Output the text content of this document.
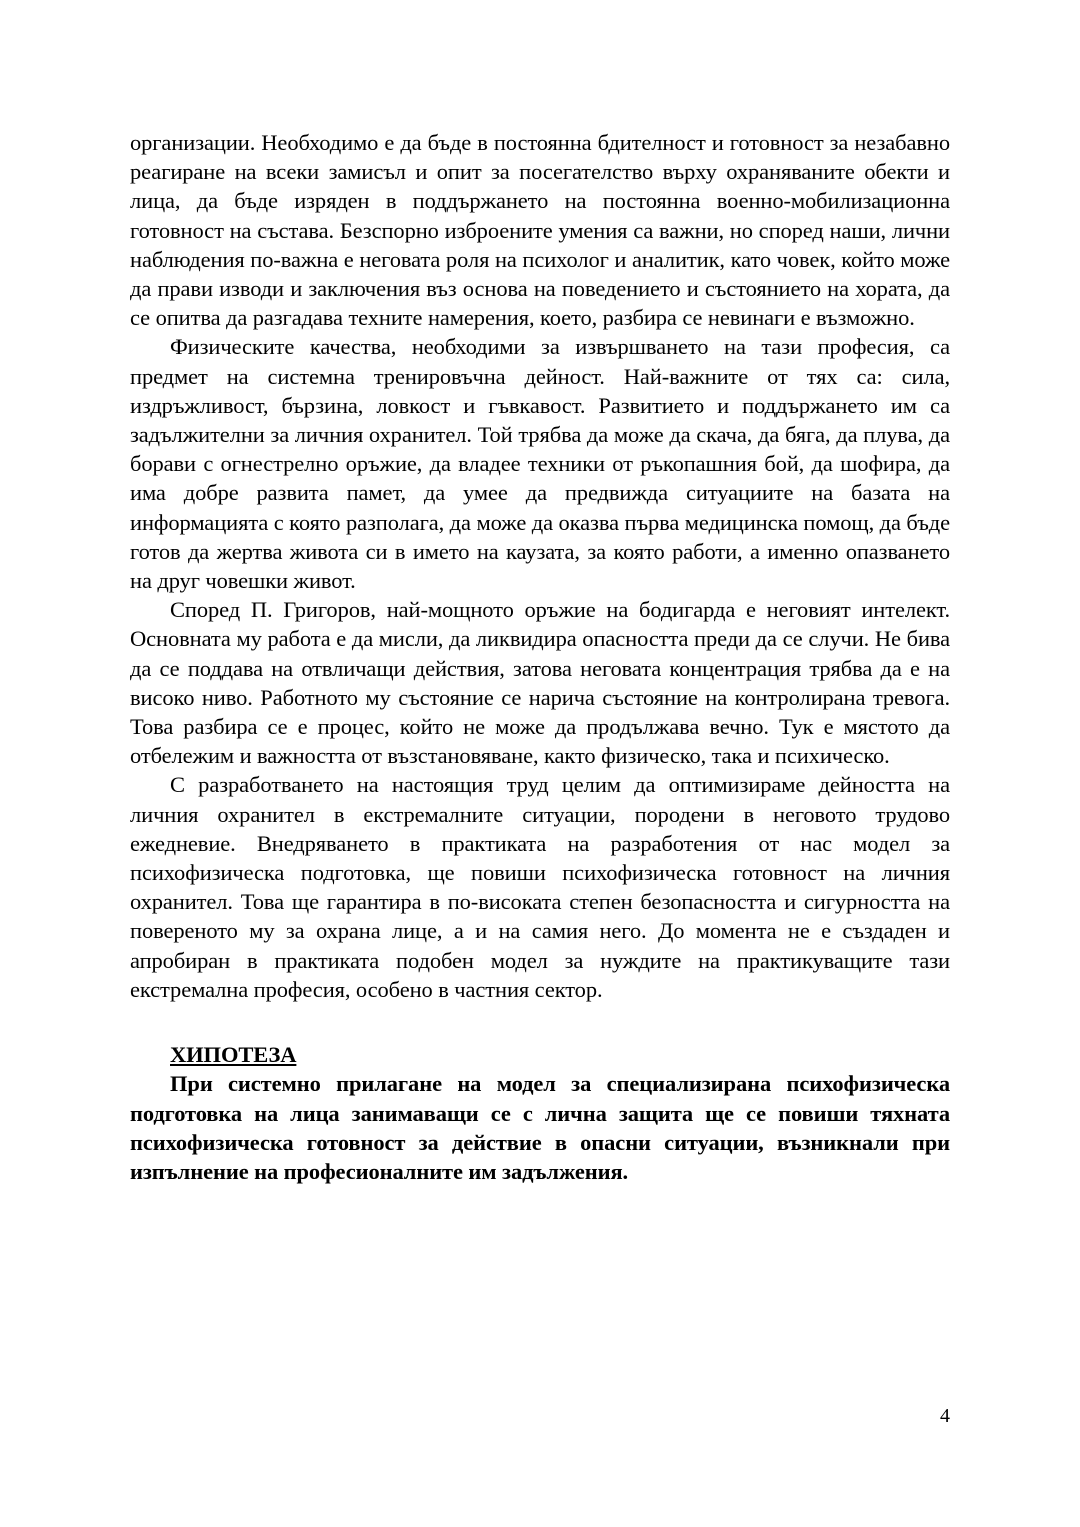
организации. Необходимо е да бъде в постоянна бдителност и готовност за незабавно реагиране на всеки замисъл и опит за посегателство върху охраняваните обекти и лица, да бъде изряден в поддържането на постоянна военно-мобилизационна готовност на състава. Безспорно изброените умения са важни, но според наши, лични наблюдения по-важна е неговата роля на психолог и аналитик, като човек, който може да прави изводи и заключения въз основа на поведението и състоянието на хората, да се опитва да разгадава техните намерения, което, разбира се невинаги е възможно.

Физическите качества, необходими за извършването на тази професия, са предмет на системна тренировъчна дейност. Най-важните от тях са: сила, издръжливост, бързина, ловкост и гъвкавост. Развитието и поддържането им са задължителни за личния охранител. Той трябва да може да скача, да бяга, да плува, да борави с огнестрелно оръжие, да владее техники от ръкопашния бой, да шофира, да има добре развита памет, да умее да предвижда ситуациите на базата на информацията с която разполага, да може да оказва първа медицинска помощ, да бъде готов да жертва живота си в името на каузата, за която работи, а именно опазването на друг човешки живот.

Според П. Григоров, най-мощното оръжие на бодигарда е неговият интелект. Основната му работа е да мисли, да ликвидира опасността преди да се случи. Не бива да се поддава на отвличащи действия, затова неговата концентрация трябва да е на високо ниво. Работното му състояние се нарича състояние на контролирана тревога. Това разбира се е процес, който не може да продължава вечно. Тук е мястото да отбележим и важността от възстановяване, както физическо, така и психическо.

С разработването на настоящия труд целим да оптимизираме дейността на личния охранител в екстремалните ситуации, породени в неговото трудово ежедневие. Внедряването в практиката на разработения от нас модел за психофизическа подготовка, ще повиши психофизическа готовност на личния охранител. Това ще гарантира в по-високата степен безопасността и сигурността на повереното му за охрана лице, а и на самия него. До момента не е създаден и апробиран в практиката подобен модел за нуждите на практикуващите тази екстремална професия, особено в частния сектор.

ХИПОТЕЗА

При системно прилагане на модел за специализирана психофизическа подготовка на лица занимаващи се с лична защита ще се повиши тяхната психофизическа готовност за действие в опасни ситуации, възникнали при изпълнение на професионалните им задължения.

4
